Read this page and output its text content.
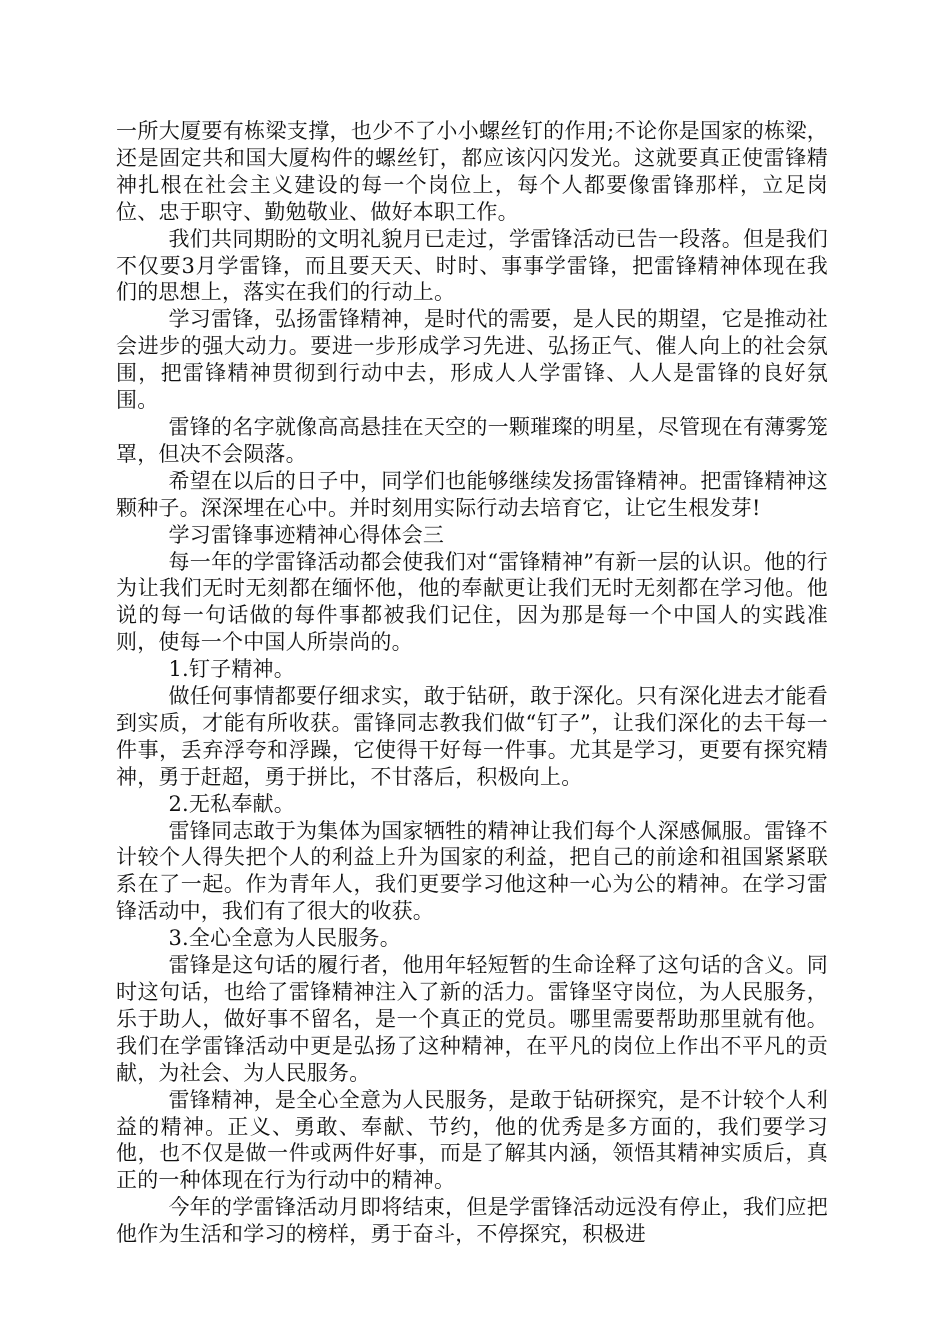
一所大厦要有栋梁支撑，也少不了小小螺丝钉的作用;不论你是国家的栋梁，还是固定共和国大厦构件的螺丝钉，都应该闪闪发光。这就要真正使雷锋精神扎根在社会主义建设的每一个岗位上，每个人都要像雷锋那样，立足岗位、忠于职守、勤勉敬业、做好本职工作。

我们共同期盼的文明礼貌月已走过，学雷锋活动已告一段落。但是我们不仅要3月学雷锋，而且要天天、时时、事事学雷锋，把雷锋精神体现在我们的思想上，落实在我们的行动上。

学习雷锋，弘扬雷锋精神，是时代的需要，是人民的期望，它是推动社会进步的强大动力。要进一步形成学习先进、弘扬正气、催人向上的社会氛围，把雷锋精神贯彻到行动中去，形成人人学雷锋、人人是雷锋的良好氛围。

雷锋的名字就像高高悬挂在天空的一颗璀璨的明星，尽管现在有薄雾笼罩，但决不会陨落。

希望在以后的日子中，同学们也能够继续发扬雷锋精神。把雷锋精神这颗种子。深深埋在心中。并时刻用实际行动去培育它，让它生根发芽!

学习雷锋事迹精神心得体会三

每一年的学雷锋活动都会使我们对“雷锋精神”有新一层的认识。他的行为让我们无时无刻都在缅怀他，他的奉献更让我们无时无刻都在学习他。他说的每一句话做的每件事都被我们记住，因为那是每一个中国人的实践准则，使每一个中国人所崇尚的。

1.钉子精神。

做任何事情都要仔细求实，敢于钻研，敢于深化。只有深化进去才能看到实质，才能有所收获。雷锋同志教我们做“钉子”，让我们深化的去干每一件事，丢弃浮夸和浮躁，它使得干好每一件事。尤其是学习，更要有探究精神，勇于赶超，勇于拼比，不甘落后，积极向上。

2.无私奉献。

雷锋同志敢于为集体为国家牺牲的精神让我们每个人深感佩服。雷锋不计较个人得失把个人的利益上升为国家的利益，把自己的前途和祖国紧紧联系在了一起。作为青年人，我们更要学习他这种一心为公的精神。在学习雷锋活动中，我们有了很大的收获。

3.全心全意为人民服务。

雷锋是这句话的履行者，他用年轻短暂的生命诠释了这句话的含义。同时这句话，也给了雷锋精神注入了新的活力。雷锋坚守岗位，为人民服务，乐于助人，做好事不留名，是一个真正的党员。哪里需要帮助那里就有他。我们在学雷锋活动中更是弘扬了这种精神，在平凡的岗位上作出不平凡的贡献，为社会、为人民服务。

雷锋精神，是全心全意为人民服务，是敢于钻研探究，是不计较个人利益的精神。正义、勇敢、奉献、节约，他的优秀是多方面的，我们要学习他，也不仅是做一件或两件好事，而是了解其内涵，领悟其精神实质后，真正的一种体现在行为行动中的精神。

今年的学雷锋活动月即将结束，但是学雷锋活动远没有停止，我们应把他作为生活和学习的榜样，勇于奋斗，不停探究，积极进
